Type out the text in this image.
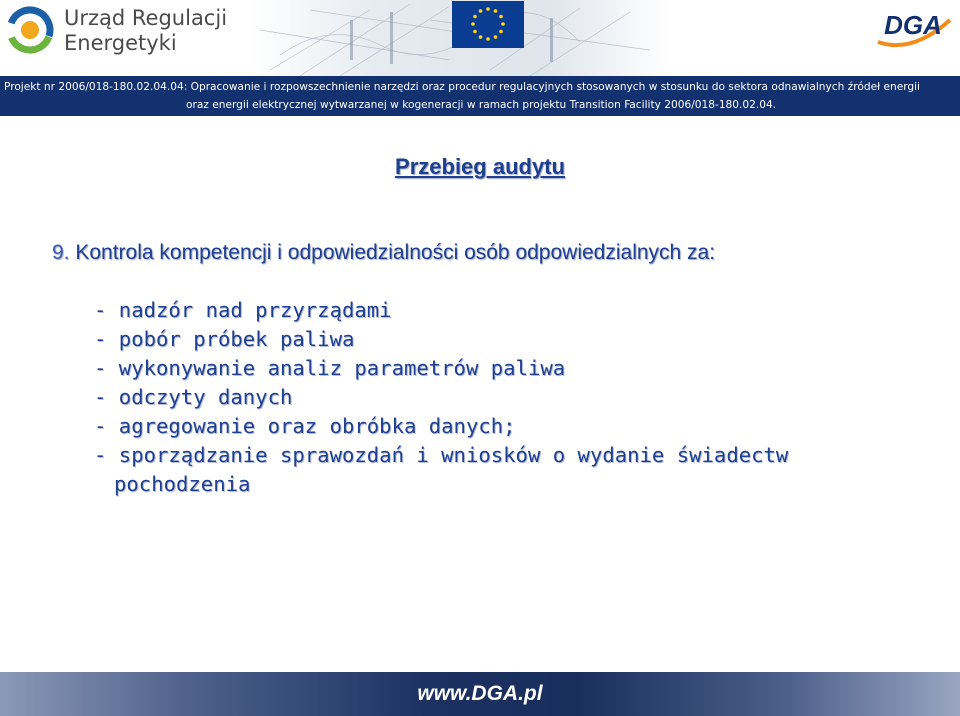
Urząd Regulacji
Energetyki
DGA
Projekt nr 2006/018-180.02.04.04: Opracowanie i rozpowszechnienie narzędzi oraz procedur regulacyjnych stosowanych w stosunku do sektora odnawialnych źródeł energii
oraz energii elektrycznej wytwarzanej w kogeneracji w ramach projektu Transition Facility 2006/018-180.02.04.
Przebieg audytu
9. Kontrola kompetencji i odpowiedzialności osób odpowiedzialnych za:
- nadzór nad przyrządami
- pobór próbek paliwa
- wykonywanie analiz parametrów paliwa
- odczyty danych
- agregowanie oraz obróbka danych;
- sporządzanie sprawozdań i wniosków o wydanie świadectw
pochodzenia
www.DGA.pl
